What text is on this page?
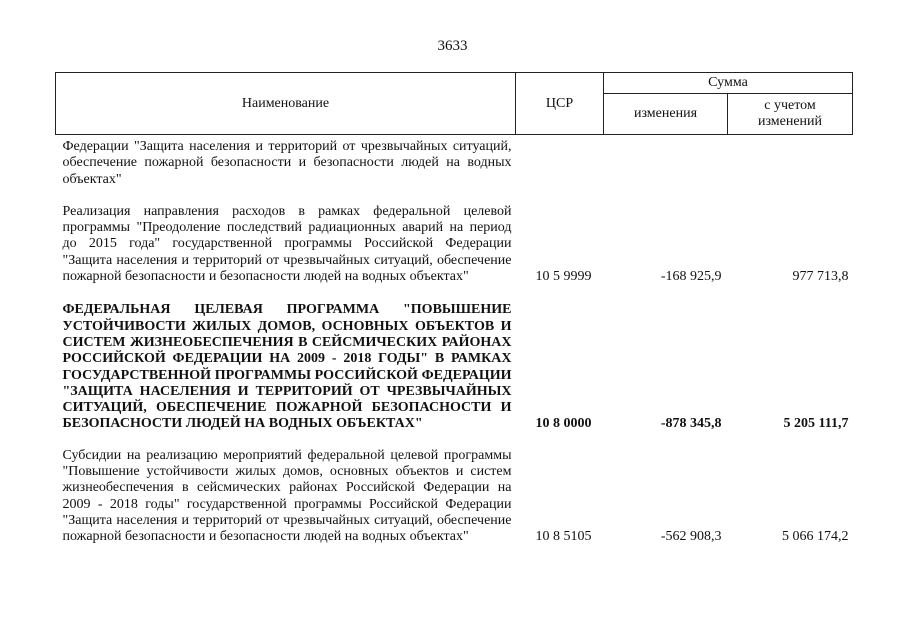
3633
Наименование	ЦСР	Сумма	
		изменения	с учетом изменений
Федерации "Защита населения и территорий от чрезвычайных ситуаций, обеспечение пожарной безопасности и безопасности людей на водных объектах"			
Реализация направления расходов в рамках федеральной целевой программы "Преодоление последствий радиационных аварий на период до 2015 года" государственной программы Российской Федерации "Защита населения и территорий от чрезвычайных ситуаций, обеспечение пожарной безопасности и безопасности людей на водных объектах"	10 5 9999	-168 925,9	977 713,8
ФЕДЕРАЛЬНАЯ ЦЕЛЕВАЯ ПРОГРАММА "ПОВЫШЕНИЕ УСТОЙЧИВОСТИ ЖИЛЫХ ДОМОВ, ОСНОВНЫХ ОБЪЕКТОВ И СИСТЕМ ЖИЗНЕОБЕСПЕЧЕНИЯ В СЕЙСМИЧЕСКИХ РАЙОНАХ РОССИЙСКОЙ ФЕДЕРАЦИИ НА 2009 - 2018 ГОДЫ" В РАМКАХ ГОСУДАРСТВЕННОЙ ПРОГРАММЫ РОССИЙСКОЙ ФЕДЕРАЦИИ "ЗАЩИТА НАСЕЛЕНИЯ И ТЕРРИТОРИЙ ОТ ЧРЕЗВЫЧАЙНЫХ СИТУАЦИЙ, ОБЕСПЕЧЕНИЕ ПОЖАРНОЙ БЕЗОПАСНОСТИ И БЕЗОПАСНОСТИ ЛЮДЕЙ НА ВОДНЫХ ОБЪЕКТАХ"	10 8 0000	-878 345,8	5 205 111,7
Субсидии на реализацию мероприятий федеральной целевой программы "Повышение устойчивости жилых домов, основных объектов и систем жизнеобеспечения в сейсмических районах Российской Федерации на 2009 - 2018 годы" государственной программы Российской Федерации "Защита населения и территорий от чрезвычайных ситуаций, обеспечение пожарной безопасности и безопасности людей на водных объектах"	10 8 5105	-562 908,3	5 066 174,2
